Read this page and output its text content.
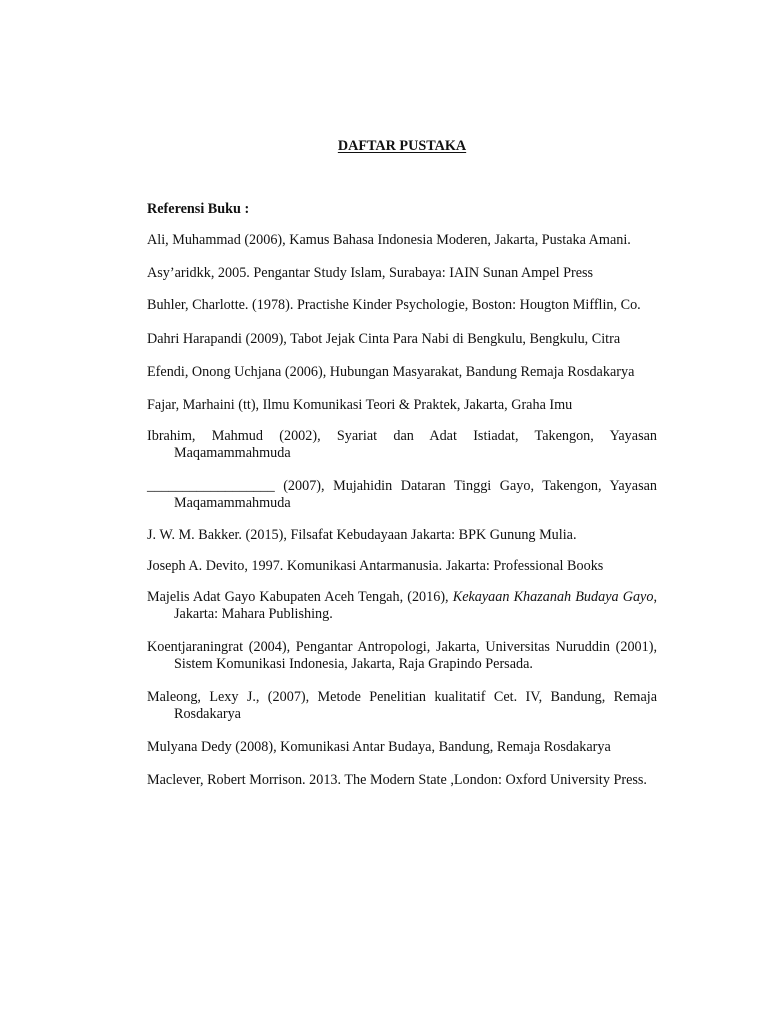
DAFTAR PUSTAKA
Referensi Buku :
Ali, Muhammad (2006), Kamus Bahasa Indonesia Moderen, Jakarta, Pustaka Amani.
Asy’aridkk, 2005. Pengantar Study Islam, Surabaya: IAIN Sunan Ampel Press
Buhler, Charlotte. (1978). Practishe Kinder Psychologie, Boston: Hougton Mifflin, Co.
Dahri Harapandi (2009), Tabot Jejak Cinta Para Nabi di Bengkulu, Bengkulu, Citra
Efendi, Onong Uchjana (2006), Hubungan Masyarakat, Bandung Remaja Rosdakarya
Fajar, Marhaini (tt), Ilmu Komunikasi Teori & Praktek, Jakarta, Graha Imu
Ibrahim, Mahmud (2002), Syariat dan Adat Istiadat, Takengon, Yayasan Maqamammahmuda
__________________ (2007), Mujahidin Dataran Tinggi Gayo, Takengon, Yayasan Maqamammahmuda
J. W. M. Bakker. (2015), Filsafat Kebudayaan Jakarta: BPK Gunung Mulia.
Joseph A. Devito, 1997. Komunikasi Antarmanusia. Jakarta: Professional Books
Majelis Adat Gayo Kabupaten Aceh Tengah, (2016), Kekayaan Khazanah Budaya Gayo, Jakarta: Mahara Publishing.
Koentjaraningrat (2004), Pengantar Antropologi, Jakarta, Universitas Nuruddin (2001), Sistem Komunikasi Indonesia, Jakarta, Raja Grapindo Persada.
Maleong, Lexy J., (2007), Metode Penelitian kualitatif Cet. IV, Bandung, Remaja Rosdakarya
Mulyana Dedy (2008), Komunikasi Antar Budaya, Bandung, Remaja Rosdakarya
Maclever, Robert Morrison. 2013. The Modern State ,London: Oxford University Press.
